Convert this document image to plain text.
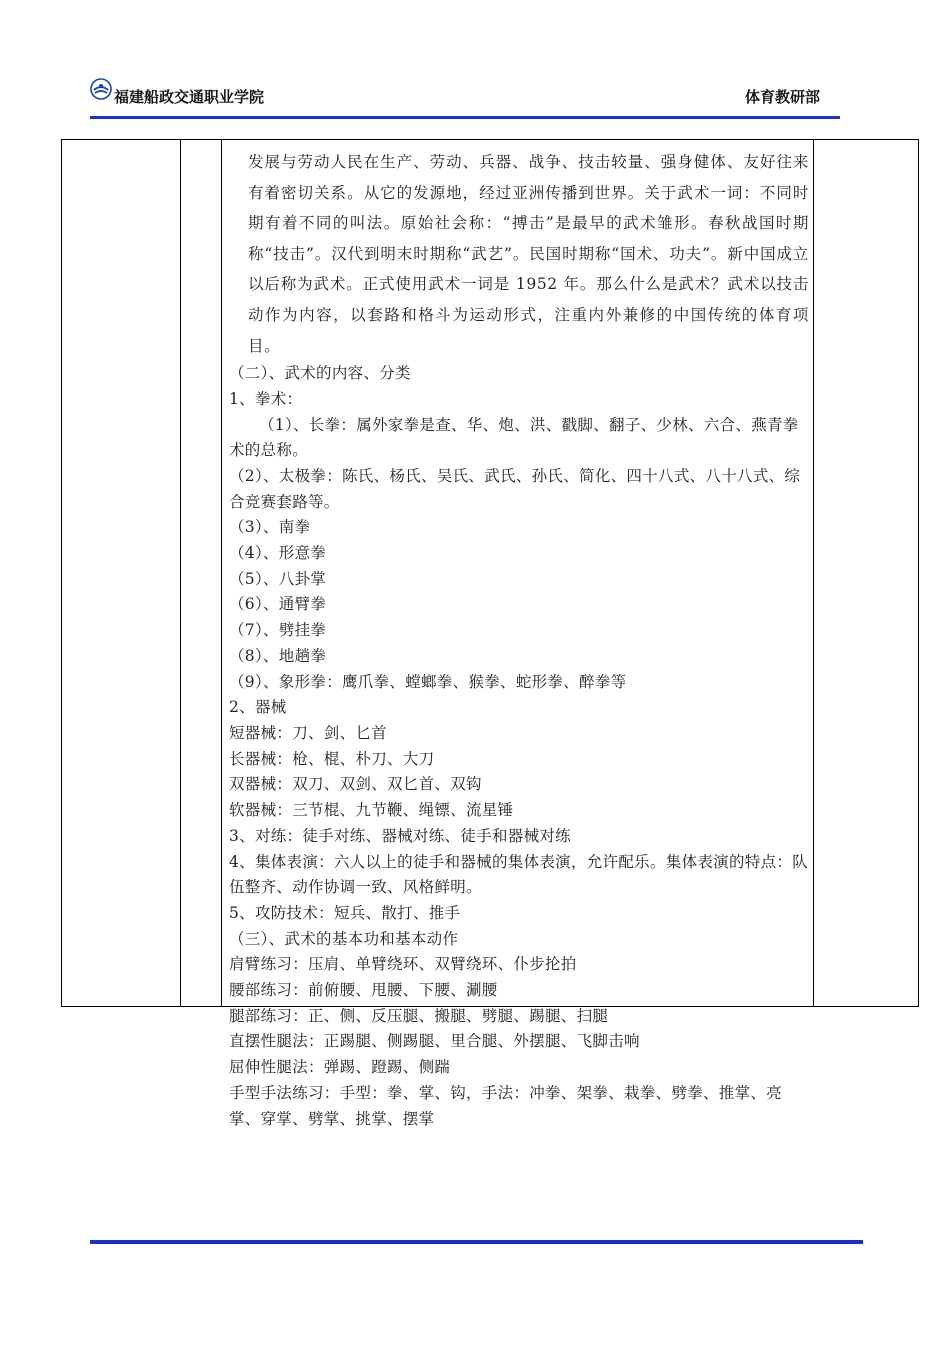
福建船政交通职业学院	体育教研部

发展与劳动人民在生产、劳动、兵器、战争、技击较量、强身健体、友好往来有着密切关系。从它的发源地，经过亚洲传播到世界。关于武术一词：不同时期有着不同的叫法。原始社会称：“搏击”是最早的武术雏形。春秋战国时期称“技击”。汉代到明末时期称“武艺”。民国时期称“国术、功夫”。新中国成立以后称为武术。正式使用武术一词是 1952 年。那么什么是武术？武术以技击动作为内容，以套路和格斗为运动形式，注重内外兼修的中国传统的体育项目。

（二）、武术的内容、分类

1、拳术：

（1）、长拳：属外家拳是查、华、炮、洪、戳脚、翻子、少林、六合、燕青拳术的总称。

（2）、太极拳：陈氏、杨氏、吴氏、武氏、孙氏、简化、四十八式、八十八式、综合竞赛套路等。

（3）、南拳

（4）、形意拳

（5）、八卦掌

（6）、通臂拳

（7）、劈挂拳

（8）、地趟拳

（9）、象形拳：鹰爪拳、螳螂拳、猴拳、蛇形拳、醉拳等

2、器械

短器械：刀、剑、匕首

长器械：枪、棍、朴刀、大刀

双器械：双刀、双剑、双匕首、双钩

软器械：三节棍、九节鞭、绳镖、流星锤

3、对练：徒手对练、器械对练、徒手和器械对练

4、集体表演：六人以上的徒手和器械的集体表演，允许配乐。集体表演的特点：队伍整齐、动作协调一致、风格鲜明。

5、攻防技术：短兵、散打、推手

（三）、武术的基本功和基本动作

肩臂练习：压肩、单臂绕环、双臂绕环、仆步抡拍

腰部练习：前俯腰、甩腰、下腰、涮腰

腿部练习：正、侧、反压腿、搬腿、劈腿、踢腿、扫腿

直摆性腿法：正踢腿、侧踢腿、里合腿、外摆腿、飞脚击响

屈伸性腿法：弹踢、蹬踢、侧踹

手型手法练习：手型：拳、掌、钩，手法：冲拳、架拳、栽拳、劈拳、推掌、亮掌、穿掌、劈掌、挑掌、摆掌
